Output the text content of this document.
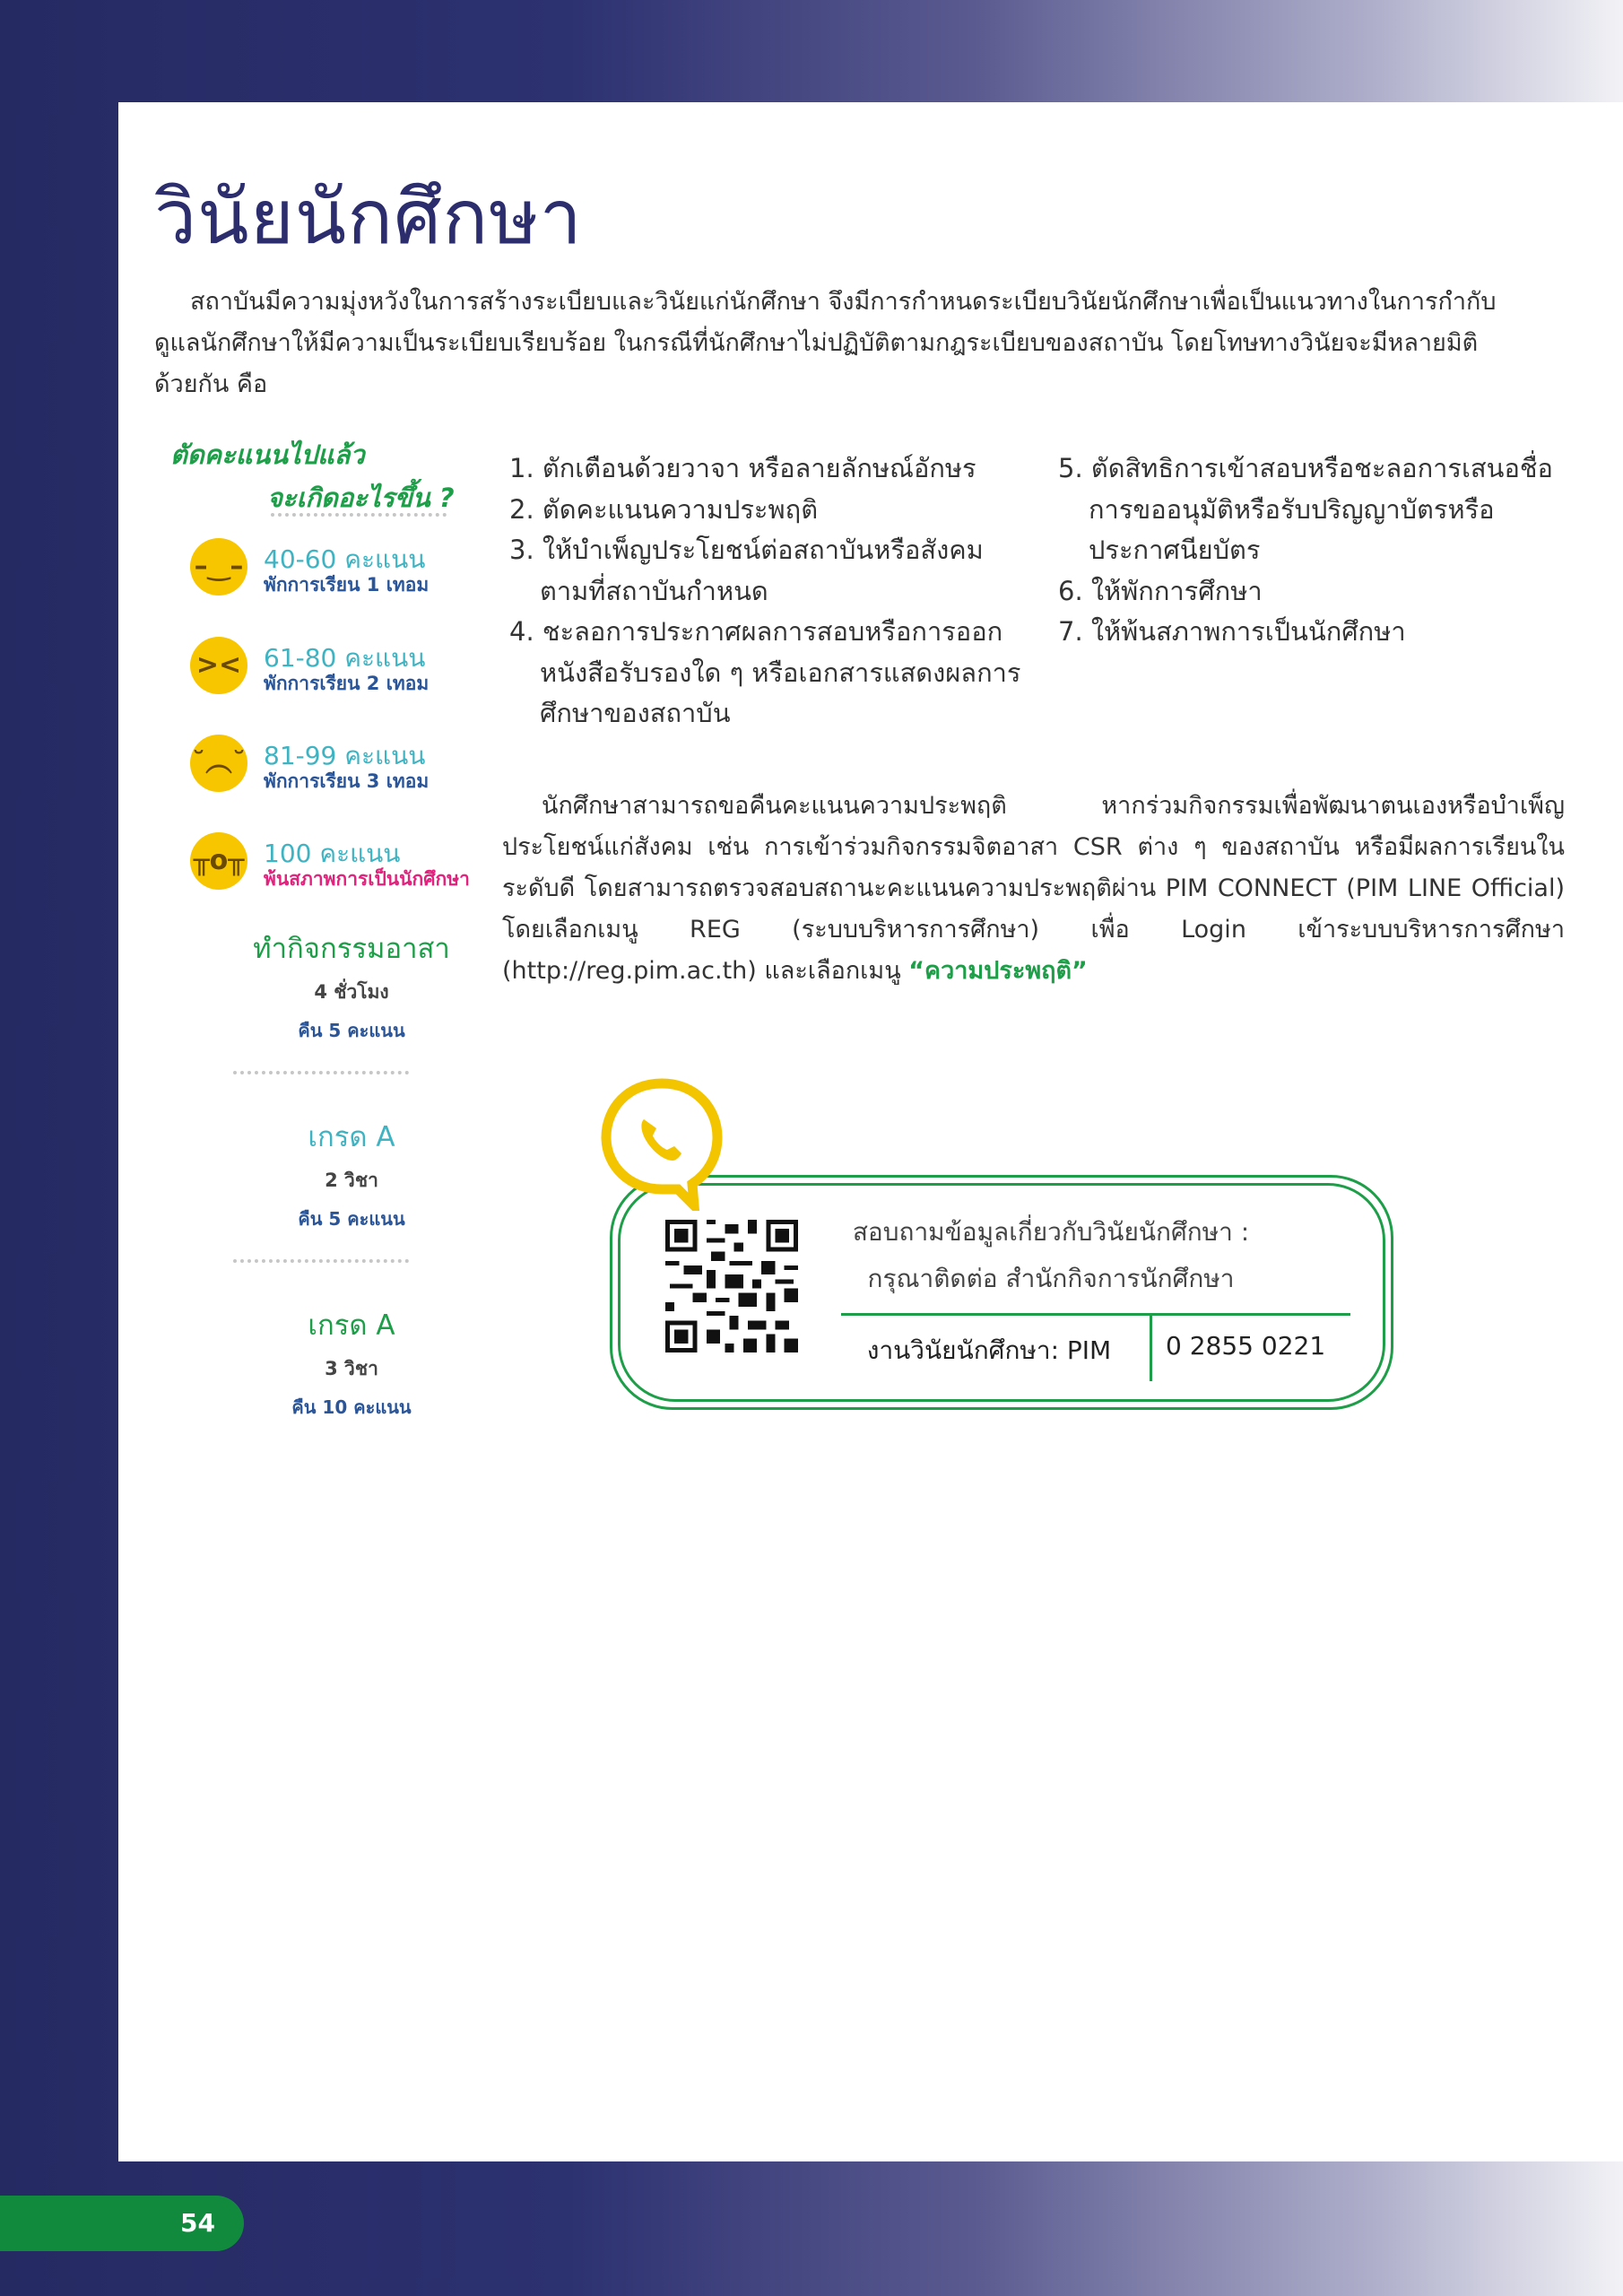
วินัยนักศึกษา

สถาบันมีความมุ่งหวังในการสร้างระเบียบและวินัยแก่นักศึกษา จึงมีการกำหนดระเบียบวินัยนักศึกษาเพื่อเป็นแนวทางในการกำกับดูแลนักศึกษาให้มีความเป็นระเบียบเรียบร้อย ในกรณีที่นักศึกษาไม่ปฏิบัติตามกฎระเบียบของสถาบัน โดยโทษทางวินัยจะมีหลายมิติด้วยกัน คือ

ตัดคะแนนไปแล้ว
จะเกิดอะไรขึ้น ?
–‿– 40-60 คะแนน
พักการเรียน 1 เทอม
>< 61-80 คะแนน
พักการเรียน 2 เทอม
˘︵˘ 81-99 คะแนน
พักการเรียน 3 เทอม
╥o╥ 100 คะแนน
พ้นสภาพการเป็นนักศึกษา
ทำกิจกรรมอาสา
4 ชั่วโมง
คืน 5 คะแนน
เกรด A
2 วิชา
คืน 5 คะแนน
เกรด A
3 วิชา
คืน 10 คะแนน
1. ตักเตือนด้วยวาจา หรือลายลักษณ์อักษร
2. ตัดคะแนนความประพฤติ
3. ให้บำเพ็ญประโยชน์ต่อสถาบันหรือสังคมตามที่สถาบันกำหนด
4. ชะลอการประกาศผลการสอบหรือการออกหนังสือรับรองใด ๆ หรือเอกสารแสดงผลการศึกษาของสถาบัน
5. ตัดสิทธิการเข้าสอบหรือชะลอการเสนอชื่อการขออนุมัติหรือรับปริญญาบัตรหรือประกาศนียบัตร
6. ให้พักการศึกษา
7. ให้พ้นสภาพการเป็นนักศึกษา

นักศึกษาสามารถขอคืนคะแนนความประพฤติ หากร่วมกิจกรรมเพื่อพัฒนาตนเองหรือบำเพ็ญประโยชน์แก่สังคม เช่น การเข้าร่วมกิจกรรมจิตอาสา CSR ต่าง ๆ ของสถาบัน หรือมีผลการเรียนในระดับดี โดยสามารถตรวจสอบสถานะคะแนนความประพฤติผ่าน PIM CONNECT (PIM LINE Official) โดยเลือกเมนู REG (ระบบบริหารการศึกษา) เพื่อ Login เข้าระบบบริหารการศึกษา (http://reg.pim.ac.th) และเลือกเมนู “ความประพฤติ”

สอบถามข้อมูลเกี่ยวกับวินัยนักศึกษา :
กรุณาติดต่อ สำนักกิจการนักศึกษา
งานวินัยนักศึกษา: PIM	0 2855 0221
54
